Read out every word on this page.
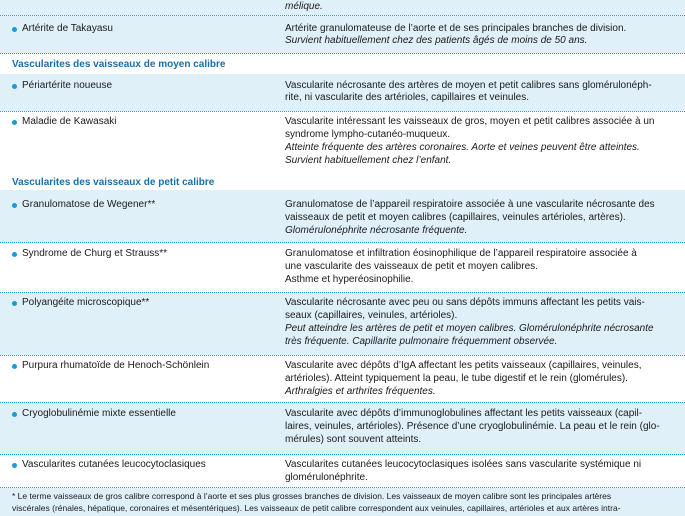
mélique.
Artérite de Takayasu	Artérite granulomateuse de l’aorte et de ses principales branches de division.
Survient habituellement chez des patients âgés de moins de 50 ans.
Vascularites des vaisseaux de moyen calibre
Périartérite noueuse	Vascularite nécrosante des artères de moyen et petit calibres sans glomérulonéph-
rite, ni vascularite des artérioles, capillaires et veinules.
Maladie de Kawasaki	Vascularite intéressant les vaisseaux de gros, moyen et petit calibres associée à un
syndrome lympho-cutanéo-muqueux.
Atteinte fréquente des artères coronaires. Aorte et veines peuvent être atteintes.
Survient habituellement chez l’enfant.
Vascularites des vaisseaux de petit calibre
Granulomatose de Wegener**	Granulomatose de l’appareil respiratoire associée à une vascularite nécrosante des
vaisseaux de petit et moyen calibres (capillaires, veinules artérioles, artères).
Glomérulonéphrite nécrosante fréquente.
Syndrome de Churg et Strauss**	Granulomatose et infiltration éosinophilique de l’appareil respiratoire associée à
une vascularite des vaisseaux de petit et moyen calibres.
Asthme et hyperéosinophilie.
Polyangéite microscopique**	Vascularite nécrosante avec peu ou sans dépôts immuns affectant les petits vais-
seaux (capillaires, veinules, artérioles).
Peut atteindre les artères de petit et moyen calibres. Glomérulonéphrite nécrosante
très fréquente. Capillarite pulmonaire fréquemment observée.
Purpura rhumatoïde de Henoch-Schönlein	Vascularite avec dépôts d’IgA affectant les petits vaisseaux (capillaires, veinules,
artérioles). Atteint typiquement la peau, le tube digestif et le rein (glomérules).
Arthralgies et arthrites fréquentes.
Cryoglobulinémie mixte essentielle	Vascularite avec dépôts d’immunoglobulines affectant les petits vaisseaux (capil-
laires, veinules, artérioles). Présence d’une cryoglobulinémie. La peau et le rein (glo-
mérules) sont souvent atteints.
Vascularites cutanées leucocytoclasiques	Vascularites cutanées leucocytoclasiques isolées sans vascularite systémique ni
glomérulonéphrite.
* Le terme vaisseaux de gros calibre correspond à l’aorte et ses plus grosses branches de division. Les vaisseaux de moyen calibre sont les principales artères
viscérales (rénales, hépatique, coronaires et mésentériques). Les vaisseaux de petit calibre correspondent aux veinules, capillaires, artérioles et aux artères intra-
